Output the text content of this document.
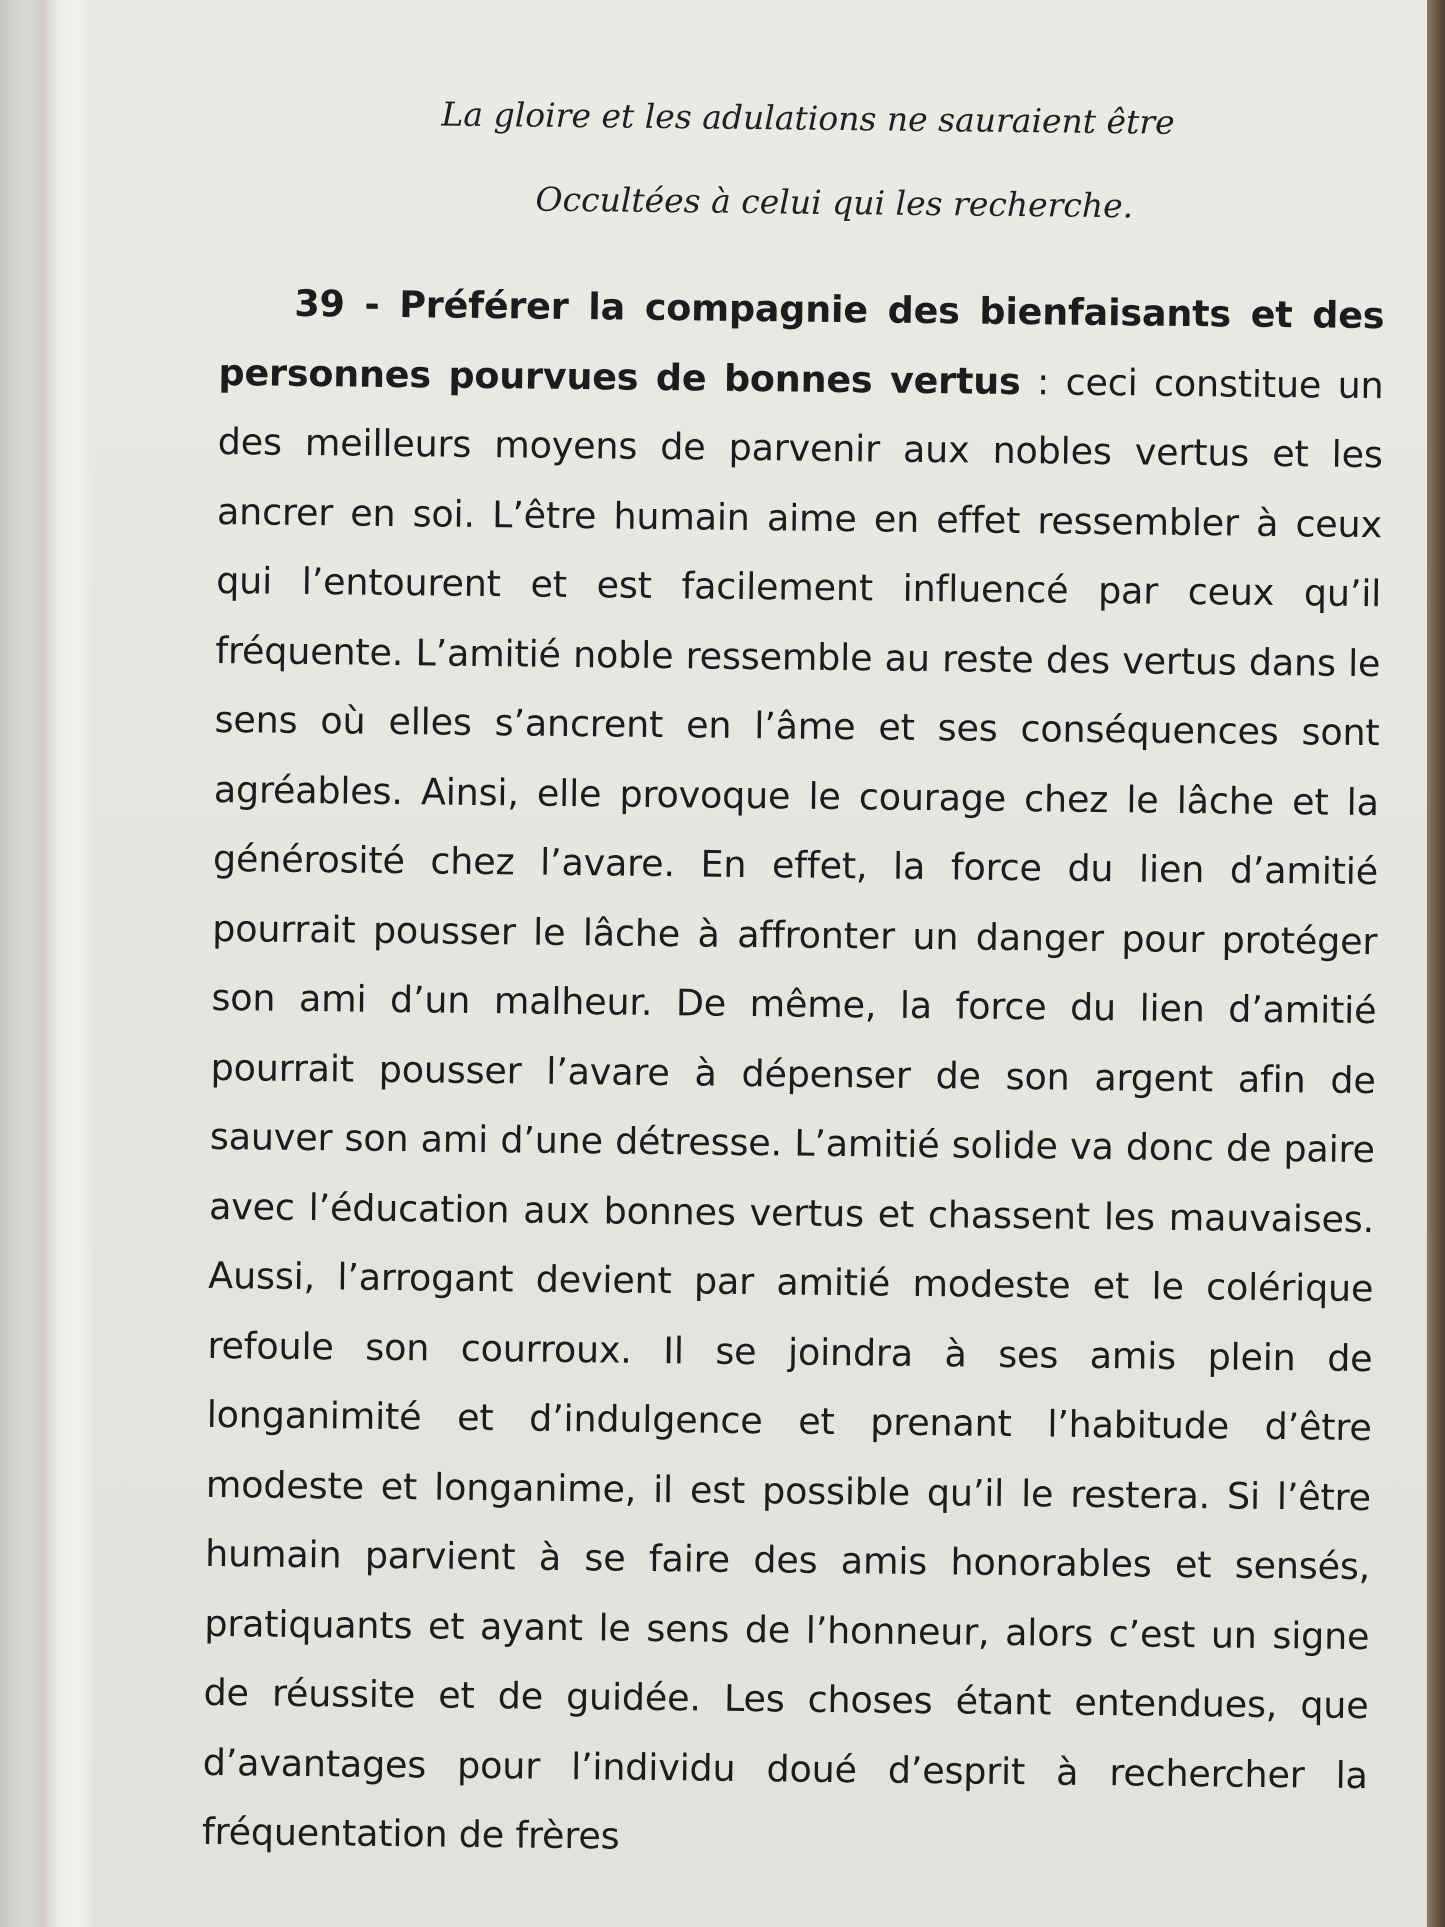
La gloire et les adulations ne sauraient être
Occultées à celui qui les recherche.
39 - Préférer la compagnie des bienfaisants et des personnes pourvues de bonnes vertus : ceci constitue un des meilleurs moyens de parvenir aux nobles vertus et les ancrer en soi. L’être humain aime en effet ressembler à ceux qui l’entourent et est facilement influencé par ceux qu’il fréquente. L’amitié noble ressemble au reste des vertus dans le sens où elles s’ancrent en l’âme et ses conséquences sont agréables. Ainsi, elle provoque le courage chez le lâche et la générosité chez l’avare. En effet, la force du lien d’amitié pourrait pousser le lâche à affronter un danger pour protéger son ami d’un malheur. De même, la force du lien d’amitié pourrait pousser l’avare à dépenser de son argent afin de sauver son ami d’une détresse. L’amitié solide va donc de paire avec l’éducation aux bonnes vertus et chassent les mauvaises. Aussi, l’arrogant devient par amitié modeste et le colérique refoule son courroux. Il se joindra à ses amis plein de longanimité et d’indulgence et prenant l’habitude d’être modeste et longanime, il est possible qu’il le restera. Si l’être humain parvient à se faire des amis honorables et sensés, pratiquants et ayant le sens de l’honneur, alors c’est un signe de réussite et de guidée. Les choses étant entendues, que d’avantages pour l’individu doué d’esprit à rechercher la fréquentation de frères
